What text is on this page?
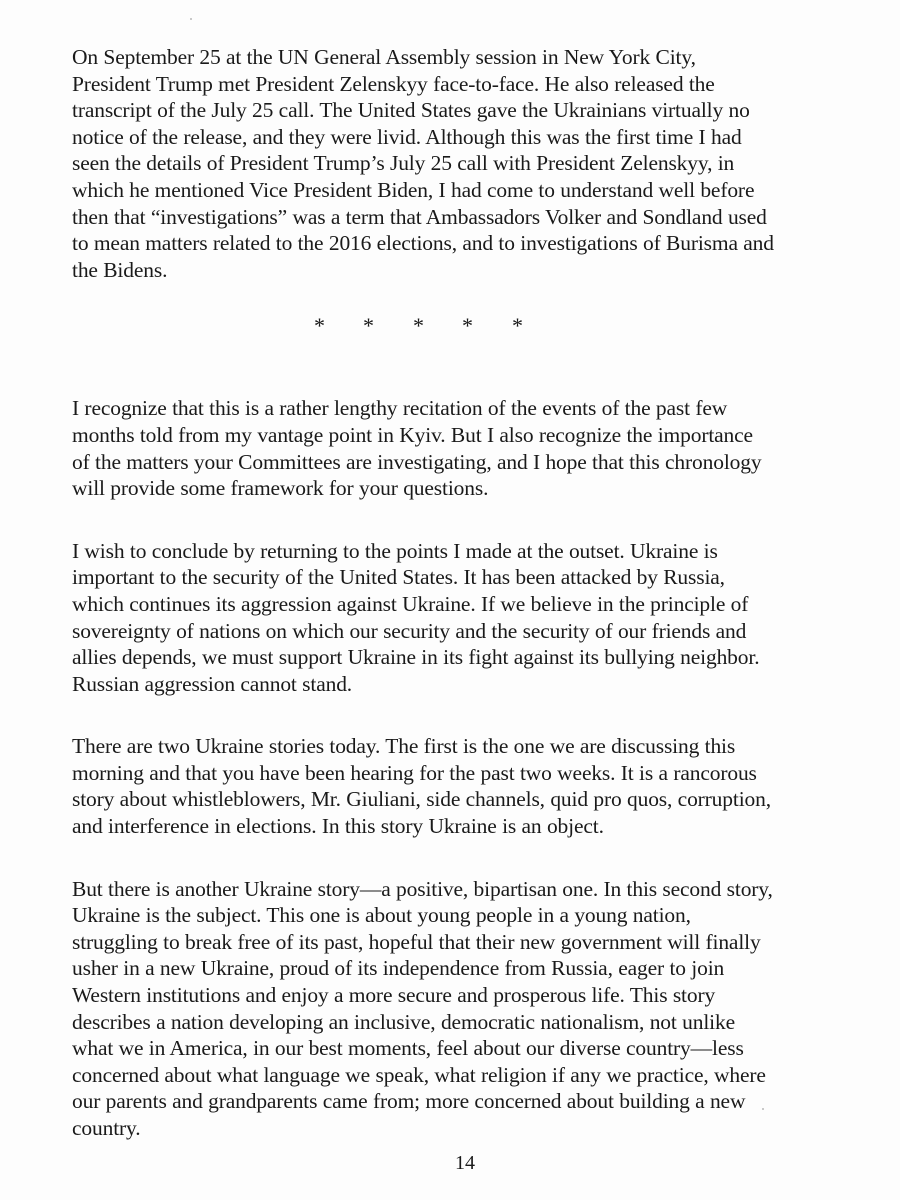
On September 25 at the UN General Assembly session in New York City,
President Trump met President Zelenskyy face-to-face. He also released the
transcript of the July 25 call. The United States gave the Ukrainians virtually no
notice of the release, and they were livid. Although this was the first time I had
seen the details of President Trump’s July 25 call with President Zelenskyy, in
which he mentioned Vice President Biden, I had come to understand well before
then that “investigations” was a term that Ambassadors Volker and Sondland used
to mean matters related to the 2016 elections, and to investigations of Burisma and
the Bidens.

* * * * *

I recognize that this is a rather lengthy recitation of the events of the past few
months told from my vantage point in Kyiv. But I also recognize the importance
of the matters your Committees are investigating, and I hope that this chronology
will provide some framework for your questions.

I wish to conclude by returning to the points I made at the outset. Ukraine is
important to the security of the United States. It has been attacked by Russia,
which continues its aggression against Ukraine. If we believe in the principle of
sovereignty of nations on which our security and the security of our friends and
allies depends, we must support Ukraine in its fight against its bullying neighbor.
Russian aggression cannot stand.

There are two Ukraine stories today. The first is the one we are discussing this
morning and that you have been hearing for the past two weeks. It is a rancorous
story about whistleblowers, Mr. Giuliani, side channels, quid pro quos, corruption,
and interference in elections. In this story Ukraine is an object.

But there is another Ukraine story—a positive, bipartisan one. In this second story,
Ukraine is the subject. This one is about young people in a young nation,
struggling to break free of its past, hopeful that their new government will finally
usher in a new Ukraine, proud of its independence from Russia, eager to join
Western institutions and enjoy a more secure and prosperous life. This story
describes a nation developing an inclusive, democratic nationalism, not unlike
what we in America, in our best moments, feel about our diverse country—less
concerned about what language we speak, what religion if any we practice, where
our parents and grandparents came from; more concerned about building a new
country.

14
